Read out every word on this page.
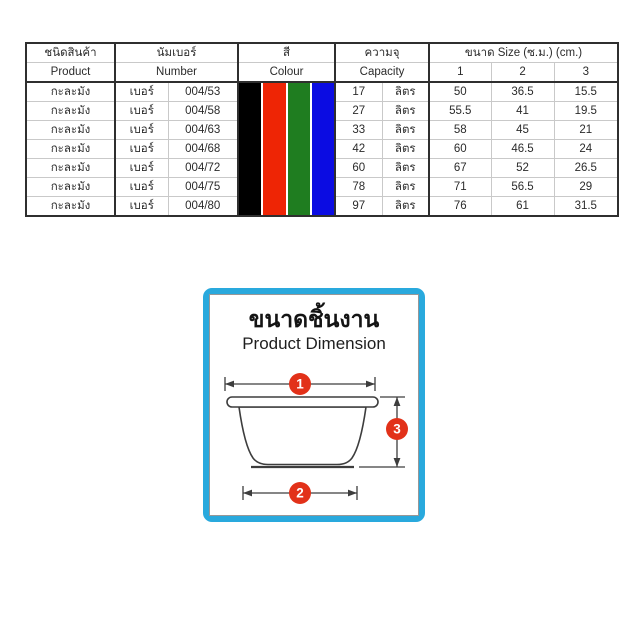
ชนิดสินค้า	นัมเบอร์		สี	ความจุ		ขนาด Size (ซ.ม.) (cm.)		
Product	Number		Colour	Capacity		1	2	3
กะละมัง	เบอร์	004/53		17	ลิตร	50	36.5	15.5
กะละมัง	เบอร์	004/58		27	ลิตร	55.5	41	19.5
กะละมัง	เบอร์	004/63		33	ลิตร	58	45	21
กะละมัง	เบอร์	004/68		42	ลิตร	60	46.5	24
กะละมัง	เบอร์	004/72		60	ลิตร	67	52	26.5
กะละมัง	เบอร์	004/75		78	ลิตร	71	56.5	29
กะละมัง	เบอร์	004/80		97	ลิตร	76	61	31.5
ขนาดชิ้นงาน
Product Dimension
1
3
2
